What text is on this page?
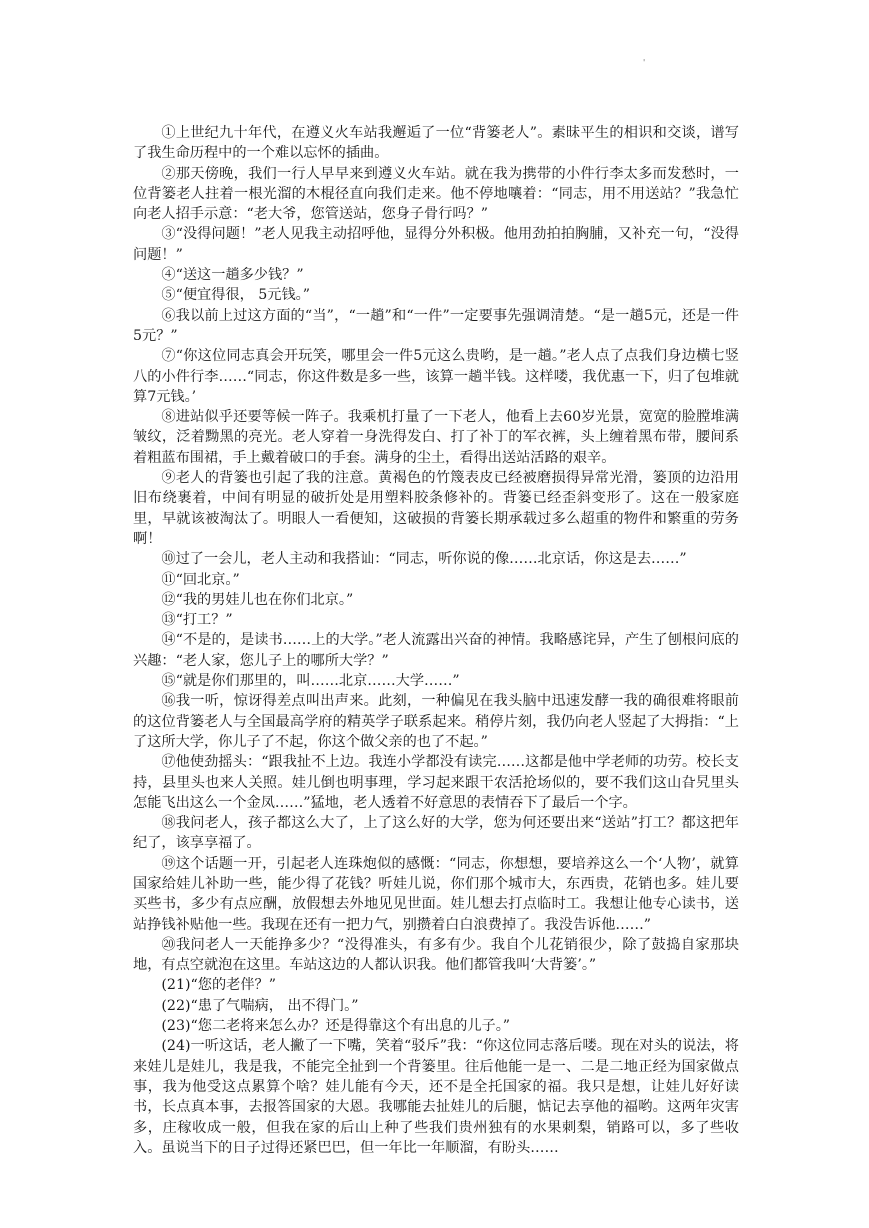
'

①上世纪九十年代，在遵义火车站我邂逅了一位“背篓老人”。素昧平生的相识和交谈，谱写了我生命历程中的一个难以忘怀的插曲。

②那天傍晚，我们一行人早早来到遵义火车站。就在我为携带的小件行李太多而发愁时，一位背篓老人拄着一根光溜的木棍径直向我们走来。他不停地嚷着：“同志，用不用送站？”我急忙向老人招手示意：“老大爷，您管送站，您身子骨行吗？”

③“没得问题！”老人见我主动招呼他，显得分外积极。他用劲拍拍胸脯，又补充一句，“没得问题！”

④“送这一趟多少钱？”

⑤“便宜得很， 5元钱。”

⑥我以前上过这方面的“当”，“一趟”和“一件”一定要事先强调清楚。“是一趟5元，还是一件5元？”

⑦“你这位同志真会开玩笑，哪里会一件5元这么贵哟，是一趟。”老人点了点我们身边横七竖八的小件行李……“同志，你这件数是多一些，该算一趟半钱。这样喽，我优惠一下，归了包堆就算7元钱。’

⑧进站似乎还要等候一阵子。我乘机打量了一下老人，他看上去60岁光景，宽宽的脸膛堆满皱纹，泛着黝黑的亮光。老人穿着一身洗得发白、打了补丁的军衣裤，头上缠着黑布带，腰间系着粗蓝布围裙，手上戴着破口的手套。满身的尘土，看得出送站活路的艰辛。

⑨老人的背篓也引起了我的注意。黄褐色的竹篾表皮已经被磨损得异常光滑，篓顶的边沿用旧布绕裹着，中间有明显的破折处是用塑料胶条修补的。背篓已经歪斜变形了。这在一般家庭里，早就该被淘汰了。明眼人一看便知，这破损的背篓长期承载过多么超重的物件和繁重的劳务啊！

⑩过了一会儿，老人主动和我搭讪：“同志，听你说的像……北京话，你这是去……”

⑪“回北京。”

⑫“我的男娃儿也在你们北京。”

⑬“打工？”

⑭“不是的，是读书……上的大学。”老人流露出兴奋的神情。我略感诧异，产生了刨根问底的兴趣：“老人家，您儿子上的哪所大学？”

⑮“就是你们那里的，叫……北京……大学……”

⑯我一听，惊讶得差点叫出声来。此刻，一种偏见在我头脑中迅速发酵一我的确很难将眼前的这位背篓老人与全国最高学府的精英学子联系起来。稍停片刻，我仍向老人竖起了大拇指：“上了这所大学，你儿子了不起，你这个做父亲的也了不起。”

⑰他使劲摇头：“跟我扯不上边。我连小学都没有读完……这都是他中学老师的功劳。校长支持，县里头也来人关照。娃儿倒也明事理，学习起来跟干农活抢场似的，要不我们这山旮旯里头怎能飞出这么一个金凤……”猛地，老人透着不好意思的表情吞下了最后一个字。

⑱我问老人，孩子都这么大了，上了这么好的大学，您为何还要出来“送站”打工？都这把年纪了，该享享福了。

⑲这个话题一开，引起老人连珠炮似的感慨：“同志，你想想，要培养这么一个‘人物’，就算国家给娃儿补助一些，能少得了花钱？听娃儿说，你们那个城市大，东西贵，花销也多。娃儿要买些书，多少有点应酬，放假想去外地见见世面。娃儿想去打点临时工。我想让他专心读书，送站挣钱补贴他一些。我现在还有一把力气，别攒着白白浪费掉了。我没告诉他……”

⑳我问老人一天能挣多少？“没得准头，有多有少。我自个儿花销很少，除了鼓捣自家那块地，有点空就泡在这里。车站这边的人都认识我。他们都管我叫‘大背篓’。”

(21)“您的老伴？”

(22)“患了气喘病， 出不得门。”

(23)“您二老将来怎么办？还是得靠这个有出息的儿子。”

(24)一听这话，老人撇了一下嘴，笑着“驳斥”我：“你这位同志落后喽。现在对头的说法，将来娃儿是娃儿，我是我，不能完全扯到一个背篓里。往后他能一是一、二是二地正经为国家做点事，我为他受这点累算个啥？娃儿能有今天，还不是全托国家的福。我只是想，让娃儿好好读书，长点真本事，去报答国家的大恩。我哪能去扯娃儿的后腿，惦记去享他的福哟。这两年灾害多，庄稼收成一般，但我在家的后山上种了些我们贵州独有的水果刺梨，销路可以，多了些收入。虽说当下的日子过得还紧巴巴，但一年比一年顺溜，有盼头……
